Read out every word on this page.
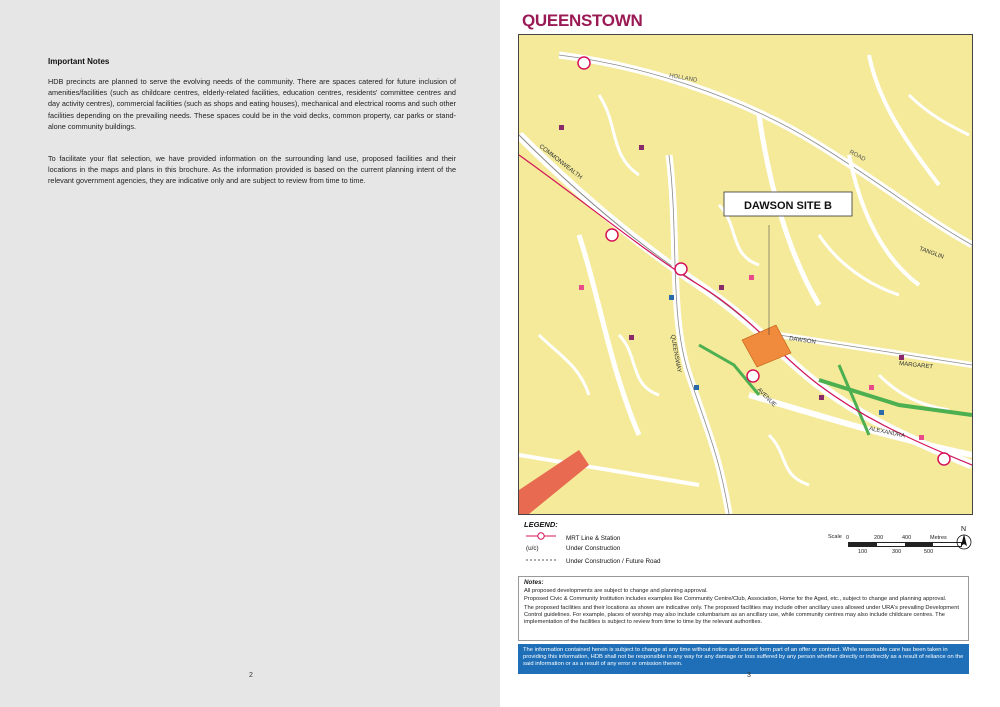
Important Notes
HDB precincts are planned to serve the evolving needs of the community. There are spaces catered for future inclusion of amenities/facilities (such as childcare centres, elderly-related facilities, education centres, residents' committee centres and day activity centres), commercial facilities (such as shops and eating houses), mechanical and electrical rooms and such other facilities depending on the prevailing needs. These spaces could be in the void decks, common property, car parks or stand-alone community buildings.
To facilitate your flat selection, we have provided information on the surrounding land use, proposed facilities and their locations in the maps and plans in this brochure. As the information provided is based on the current planning intent of the relevant government agencies, they are indicative only and are subject to review from time to time.
2
QUEENSTOWN
DAWSON SITE B
HOLLAND
ROAD
COMMONWEALTH
AVENUE
QUEENSWAY
ALEXANDRA
DAWSON
MARGARET
TANGLIN
LEGEND:
MRT Line & Station
(u/c)	Under Construction
Under Construction / Future Road
Scale 0	200	400	Metres
100	300	500
N

Notes:

All proposed developments are subject to change and planning approval.

Proposed Civic & Community Institution includes examples like Community Centre/Club, Association, Home for the Aged, etc., subject to change and planning approval.

The proposed facilities and their locations as shown are indicative only. The proposed facilities may include other ancillary uses allowed under URA's prevailing Development Control guidelines. For example, places of worship may also include columbarium as an ancillary use, while community centres may also include childcare centres. The implementation of the facilities is subject to review from time to time by the relevant authorities.

The information contained herein is subject to change at any time without notice and cannot form part of an offer or contract. While reasonable care has been taken in providing this information, HDB shall not be responsible in any way for any damage or loss suffered by any person whether directly or indirectly as a result of reliance on the said information or as a result of any error or omission therein.
3
